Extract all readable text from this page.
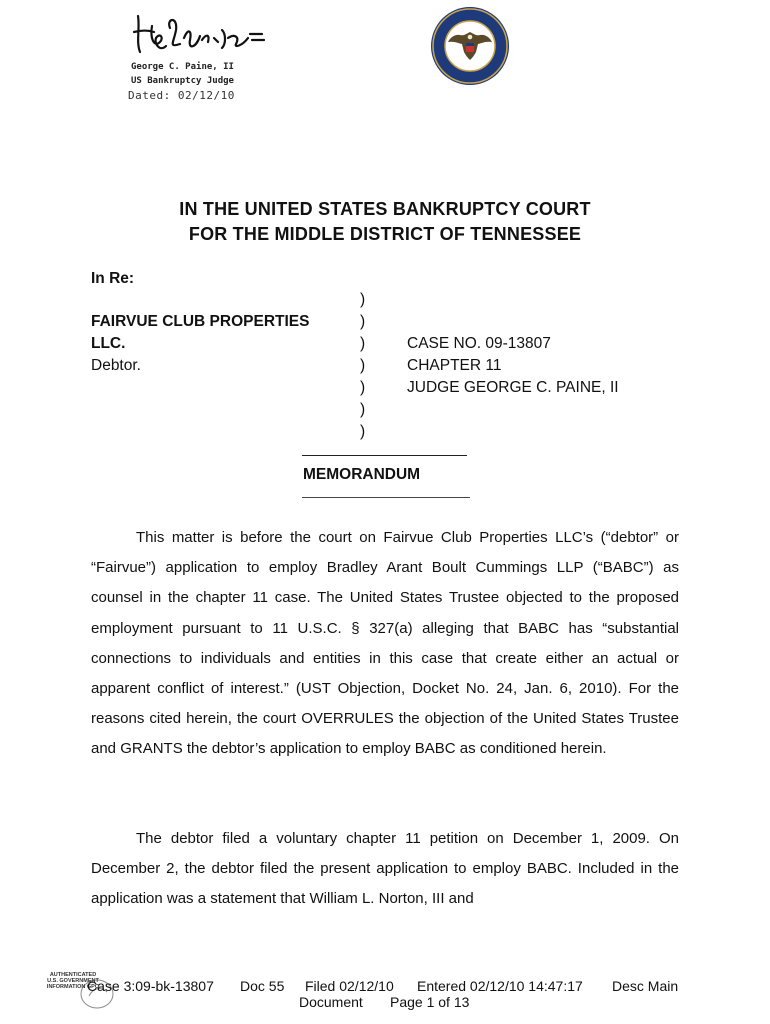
George C. Paine, II
US Bankruptcy Judge
Dated: 02/12/10
IN THE UNITED STATES BANKRUPTCY COURT
FOR THE MIDDLE DISTRICT OF TENNESSEE
In Re:
FAIRVUE CLUB PROPERTIES
LLC.
Debtor.
)
)
)
)
)
)
)
CASE NO. 09-13807
CHAPTER 11
JUDGE GEORGE C. PAINE, II
MEMORANDUM

This matter is before the court on Fairvue Club Properties LLC’s (“debtor” or “Fairvue”) application to employ Bradley Arant Boult Cummings LLP (“BABC”) as counsel in the chapter 11 case. The United States Trustee objected to the proposed employment pursuant to 11 U.S.C. § 327(a) alleging that BABC has “substantial connections to individuals and entities in this case that create either an actual or apparent conflict of interest.” (UST Objection, Docket No. 24, Jan. 6, 2010). For the reasons cited herein, the court OVERRULES the objection of the United States Trustee and GRANTS the debtor’s application to employ BABC as conditioned herein.

The debtor filed a voluntary chapter 11 petition on December 1, 2009. On December 2, the debtor filed the present application to employ BABC. Included in the application was a statement that William L. Norton, III and

AUTHENTICATED U.S. GOVERNMENT INFORMATION GPO
Case 3:09-bk-13807 Doc 55 Filed 02/12/10 Entered 02/12/10 14:47:17 Desc Main
Document Page 1 of 13
